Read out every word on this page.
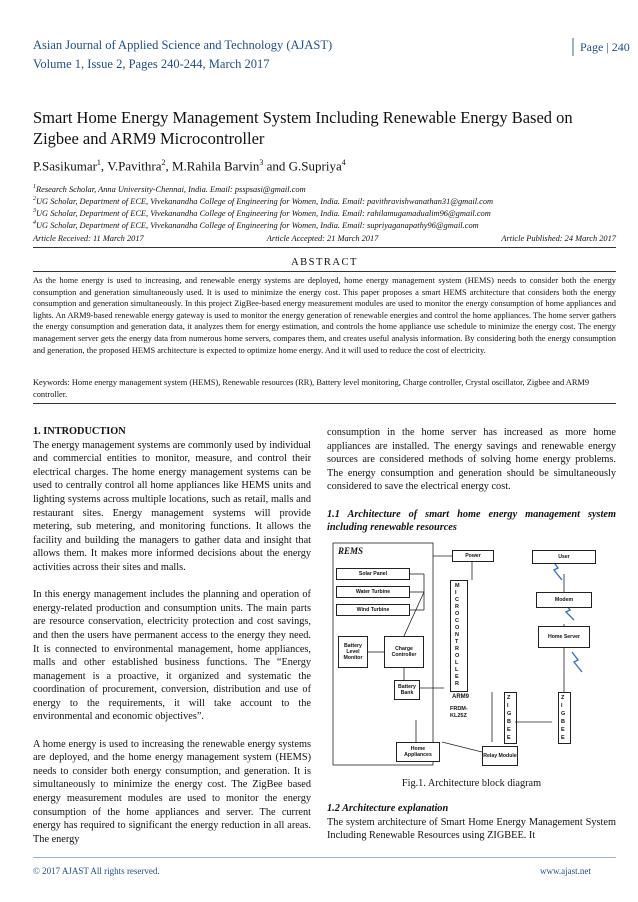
Asian Journal of Applied Science and Technology (AJAST)
Volume 1, Issue 2, Pages 240-244, March 2017
Page | 240
Smart Home Energy Management System Including Renewable Energy Based on Zigbee and ARM9 Microcontroller
P.Sasikumar$^1$, V.Pavithra$^2$, M.Rahila Barvin$^3$ and G.Supriya$^4$
$^1$Research Scholar, Anna University-Chennai, India. Email: psspsasi@gmail.com
$^2$UG Scholar, Department of ECE, Vivekanandha College of Engineering for Women, India. Email: pavithravishwanathan31@gmail.com
$^3$UG Scholar, Department of ECE, Vivekanandha College of Engineering for Women, India. Email: rahilamugamadualim96@gmail.com
$^4$UG Scholar, Department of ECE, Vivekanandha College of Engineering for Women, India. Email: supriyaganapathy96@gmail.com
Article Received: 11 March 2017	Article Accepted: 21 March 2017	Article Published: 24 March 2017
ABSTRACT
As the home energy is used to increasing, and renewable energy systems are deployed, home energy management system (HEMS) needs to consider both the energy consumption and generation simultaneously used. It is used to minimize the energy cost. This paper proposes a smart HEMS architecture that considers both the energy consumption and generation simultaneously. In this project ZigBee-based energy measurement modules are used to monitor the energy consumption of home appliances and lights. An ARM9-based renewable energy gateway is used to monitor the energy generation of renewable energies and control the home appliances. The home server gathers the energy consumption and generation data, it analyzes them for energy estimation, and controls the home appliance use schedule to minimize the energy cost. The energy management server gets the energy data from numerous home servers, compares them, and creates useful analysis information. By considering both the energy consumption and generation, the proposed HEMS architecture is expected to optimize home energy. And it will used to reduce the cost of electricity.
Keywords: Home energy management system (HEMS), Renewable resources (RR), Battery level monitoring, Charge controller, Crystal oscillator, Zigbee and ARM9 controller.
1. INTRODUCTION

The energy management systems are commonly used by individual and commercial entities to monitor, measure, and control their electrical charges. The home energy management systems can be used to centrally control all home appliances like HEMS units and lighting systems across multiple locations, such as retail, malls and restaurant sites. Energy management systems will provide metering, sub metering, and monitoring functions. It allows the facility and building the managers to gather data and insight that allows them. It makes more informed decisions about the energy activities across their sites and malls.

In this energy management includes the planning and operation of energy-related production and consumption units. The main parts are resource conservation, electricity protection and cost savings, and then the users have permanent access to the energy they need. It is connected to environmental management, home appliances, malls and other established business functions. The “Energy management is a proactive, it organized and systematic the coordination of procurement, conversion, distribution and use of energy to the requirements, it will take account to the environmental and economic objectives”.

A home energy is used to increasing the renewable energy systems are deployed, and the home energy management system (HEMS) needs to consider both energy consumption, and generation. It is simultaneously to minimize the energy cost. The ZigBee based energy measurement modules are used to monitor the energy consumption of the home appliances and server. The current energy has required to significant the energy reduction in all areas. The energy

consumption in the home server has increased as more home appliances are installed. The energy savings and renewable energy sources are considered methods of solving home energy problems. The energy consumption and generation should be simultaneously considered to save the electrical energy cost.

1.1 Architecture of smart home energy management system including renewable resources
REMS
Solar Panel
Water Turbine
Wind Turbine
Battery Level Monitor
Charge Controller
Battery Bank
Power
M
I
C
R
O
C
O
N
T
R
O
L
L
E
R
ARM9
FRDM-KL25Z
Z
I
G
B
E
E
Z
I
G
B
E
E
Home Appliances	Relay Module
User
Modem
Home Server
Fig.1. Architecture block diagram
1.2 Architecture explanation
The system architecture of Smart Home Energy Management System Including Renewable Resources using ZIGBEE. It
© 2017 AJAST All rights reserved.	www.ajast.net
